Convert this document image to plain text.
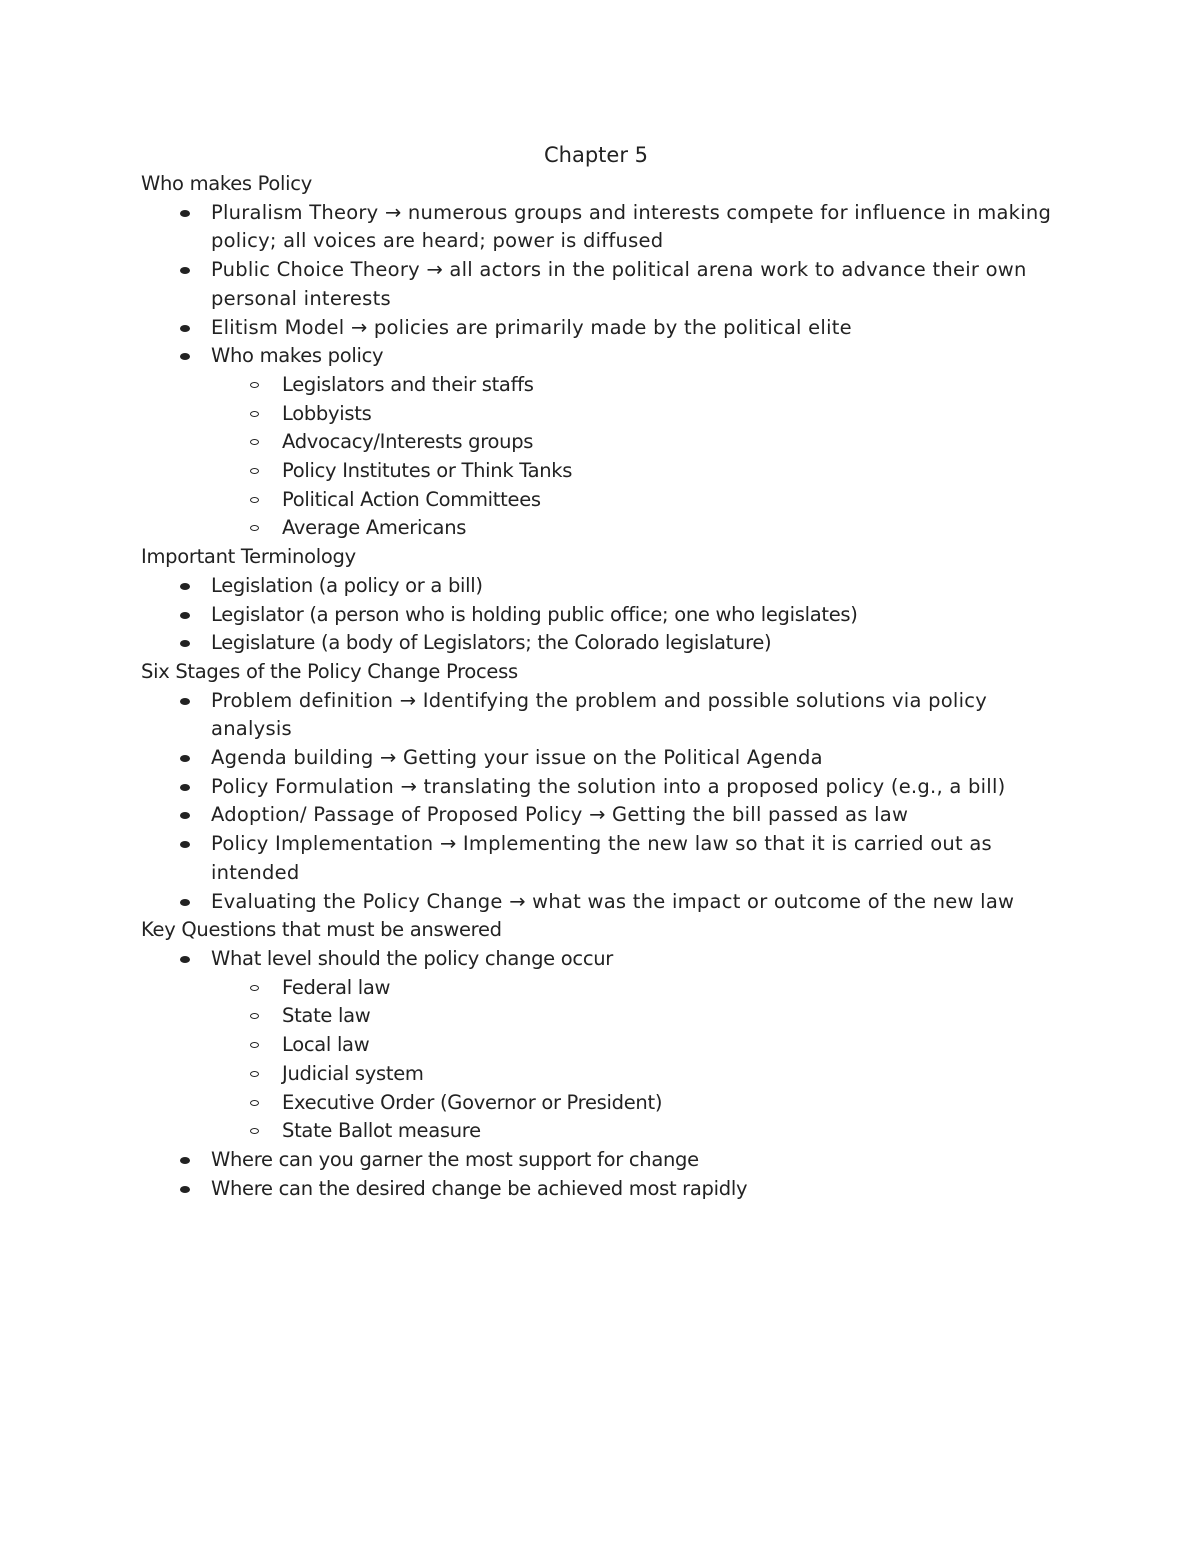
Chapter 5
Who makes Policy
Pluralism Theory → numerous groups and interests compete for influence in making policy; all voices are heard; power is diffused
Public Choice Theory → all actors in the political arena work to advance their own personal interests
Elitism Model → policies are primarily made by the political elite
Who makes policy
Legislators and their staffs
Lobbyists
Advocacy/Interests groups
Policy Institutes or Think Tanks
Political Action Committees
Average Americans
Important Terminology
Legislation (a policy or a bill)
Legislator (a person who is holding public office; one who legislates)
Legislature (a body of Legislators; the Colorado legislature)
Six Stages of the Policy Change Process
Problem definition → Identifying the problem and possible solutions via policy analysis
Agenda building → Getting your issue on the Political Agenda
Policy Formulation → translating the solution into a proposed policy (e.g., a bill)
Adoption/ Passage of Proposed Policy → Getting the bill passed as law
Policy Implementation → Implementing the new law so that it is carried out as intended
Evaluating the Policy Change → what was the impact or outcome of the new law
Key Questions that must be answered
What level should the policy change occur
Federal law
State law
Local law
Judicial system
Executive Order (Governor or President)
State Ballot measure
Where can you garner the most support for change
Where can the desired change be achieved most rapidly
